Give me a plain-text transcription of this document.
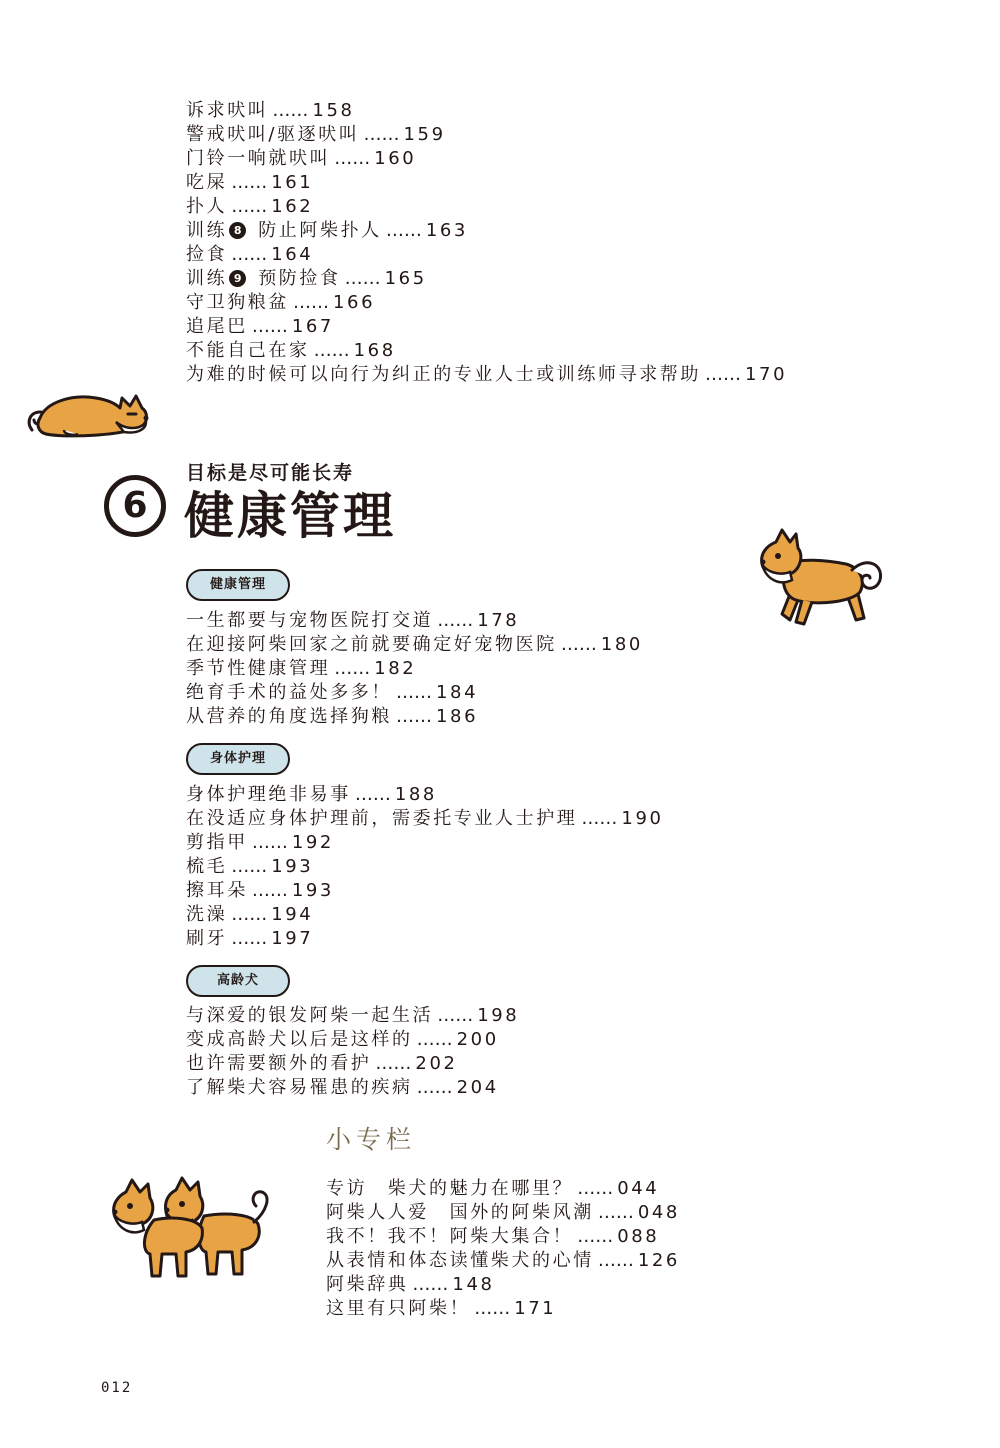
诉求吠叫 …… 158
警戒吠叫/驱逐吠叫 …… 159
门铃一响就吠叫 …… 160
吃屎 …… 161
扑人 …… 162
训练 8 防止阿柴扑人 …… 163
捡食 …… 164
训练 9 预防捡食 …… 165
守卫狗粮盆 …… 166
追尾巴 …… 167
不能自己在家 …… 168
为难的时候可以向行为纠正的专业人士或训练师寻求帮助 …… 170
6
目标是尽可能长寿
健康管理
健康管理
一生都要与宠物医院打交道 …… 178
在迎接阿柴回家之前就要确定好宠物医院 …… 180
季节性健康管理 …… 182
绝育手术的益处多多！ …… 184
从营养的角度选择狗粮 …… 186
身体护理
身体护理绝非易事 …… 188
在没适应身体护理前，需委托专业人士护理 …… 190
剪指甲 …… 192
梳毛 …… 193
擦耳朵 …… 193
洗澡 …… 194
刷牙 …… 197
高龄犬
与深爱的银发阿柴一起生活 …… 198
变成高龄犬以后是这样的 …… 200
也许需要额外的看护 …… 202
了解柴犬容易罹患的疾病 …… 204
小专栏
专访　柴犬的魅力在哪里？ …… 044
阿柴人人爱　国外的阿柴风潮 …… 048
我不！我不！阿柴大集合！ …… 088
从表情和体态读懂柴犬的心情 …… 126
阿柴辞典 …… 148
这里有只阿柴！ …… 171
012
